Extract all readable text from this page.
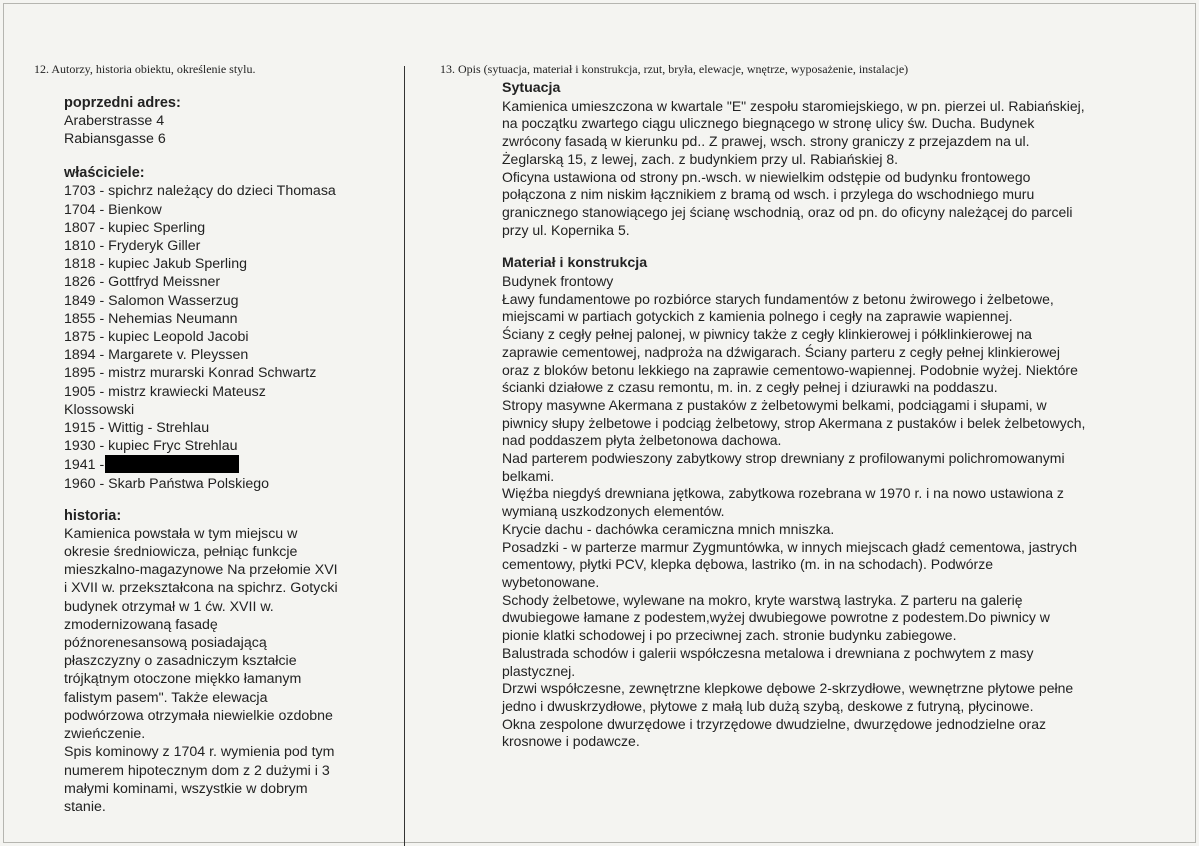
12. Autorzy, historia obiektu, określenie stylu.	13. Opis (sytuacja, materiał i konstrukcja, rzut, bryła, elewacje, wnętrze, wyposażenie, instalacje)
poprzedni adres:
Araberstrasse 4
Rabiansgasse 6
właściciele:
1703 - spichrz należący do dzieci Thomasa
1704 - Bienkow
1807 - kupiec Sperling
1810 - Fryderyk Giller
1818 - kupiec Jakub Sperling
1826 - Gottfryd Meissner
1849 - Salomon Wasserzug
1855 - Nehemias Neumann
1875 - kupiec Leopold Jacobi
1894 - Margarete v. Pleyssen
1895 - mistrz murarski Konrad Schwartz
1905 - mistrz krawiecki Mateusz
Klossowski
1915 - Wittig - Strehlau
1930 - kupiec Fryc Strehlau
1941 -
1960 - Skarb Państwa Polskiego
historia:
Kamienica powstała w tym miejscu w
okresie średniowicza, pełniąc funkcje
mieszkalno-magazynowe Na przełomie XVI
i XVII w. przekształcona na spichrz. Gotycki
budynek otrzymał w 1 ćw. XVII w.
zmodernizowaną fasadę
późnorenesansową posiadającą
płaszczyzny o zasadniczym kształcie
trójkątnym otoczone miękko łamanym
falistym pasem". Także elewacja
podwórzowa otrzymała niewielkie ozdobne
zwieńczenie.
Spis kominowy z 1704 r. wymienia pod tym
numerem hipotecznym dom z 2 dużymi i 3
małymi kominami, wszystkie w dobrym
stanie.
Sytuacja
Kamienica umieszczona w kwartale "E" zespołu staromiejskiego, w pn. pierzei ul. Rabiańskiej,
na początku zwartego ciągu ulicznego biegnącego w stronę ulicy św. Ducha. Budynek
zwrócony fasadą w kierunku pd.. Z prawej, wsch. strony graniczy z przejazdem na ul.
Żeglarską 15, z lewej, zach. z budynkiem przy ul. Rabiańskiej 8.
Oficyna ustawiona od strony pn.-wsch. w niewielkim odstępie od budynku frontowego
połączona z nim niskim łącznikiem z bramą od wsch. i przylega do wschodniego muru
granicznego stanowiącego jej ścianę wschodnią, oraz od pn. do oficyny należącej do parceli
przy ul. Kopernika 5.
Materiał i konstrukcja
Budynek frontowy
Ławy fundamentowe po rozbiórce starych fundamentów z betonu żwirowego i żelbetowe,
miejscami w partiach gotyckich z kamienia polnego i cegły na zaprawie wapiennej.
Ściany z cegły pełnej palonej, w piwnicy także z cegły klinkierowej i półklinkierowej na
zaprawie cementowej, nadproża na dźwigarach. Ściany parteru z cegły pełnej klinkierowej
oraz z bloków betonu lekkiego na zaprawie cementowo-wapiennej. Podobnie wyżej. Niektóre
ścianki działowe z czasu remontu, m. in. z cegły pełnej i dziurawki na poddaszu.
Stropy masywne Akermana z pustaków z żelbetowymi belkami, podciągami i słupami, w
piwnicy słupy żelbetowe i podciąg żelbetowy, strop Akermana z pustaków i belek żelbetowych,
nad poddaszem płyta żelbetonowa dachowa.
Nad parterem podwieszony zabytkowy strop drewniany z profilowanymi polichromowanymi
belkami.
Więźba niegdyś drewniana jętkowa, zabytkowa rozebrana w 1970 r. i na nowo ustawiona z
wymianą uszkodzonych elementów.
Krycie dachu - dachówka ceramiczna mnich mniszka.
Posadzki - w parterze marmur Zygmuntówka, w innych miejscach gładź cementowa, jastrych
cementowy, płytki PCV, klepka dębowa, lastriko (m. in na schodach). Podwórze
wybetonowane.
Schody żelbetowe, wylewane na mokro, kryte warstwą lastryka. Z parteru na galerię
dwubiegowe łamane z podestem,wyżej dwubiegowe powrotne z podestem.Do piwnicy w
pionie klatki schodowej i po przeciwnej zach. stronie budynku zabiegowe.
Balustrada schodów i galerii współczesna metalowa i drewniana z pochwytem z masy
plastycznej.
Drzwi współczesne, zewnętrzne klepkowe dębowe 2-skrzydłowe, wewnętrzne płytowe pełne
jedno i dwuskrzydłowe, płytowe z małą lub dużą szybą, deskowe z futryną, płycinowe.
Okna zespolone dwurzędowe i trzyrzędowe dwudzielne, dwurzędowe jednodzielne oraz
krosnowe i podawcze.
